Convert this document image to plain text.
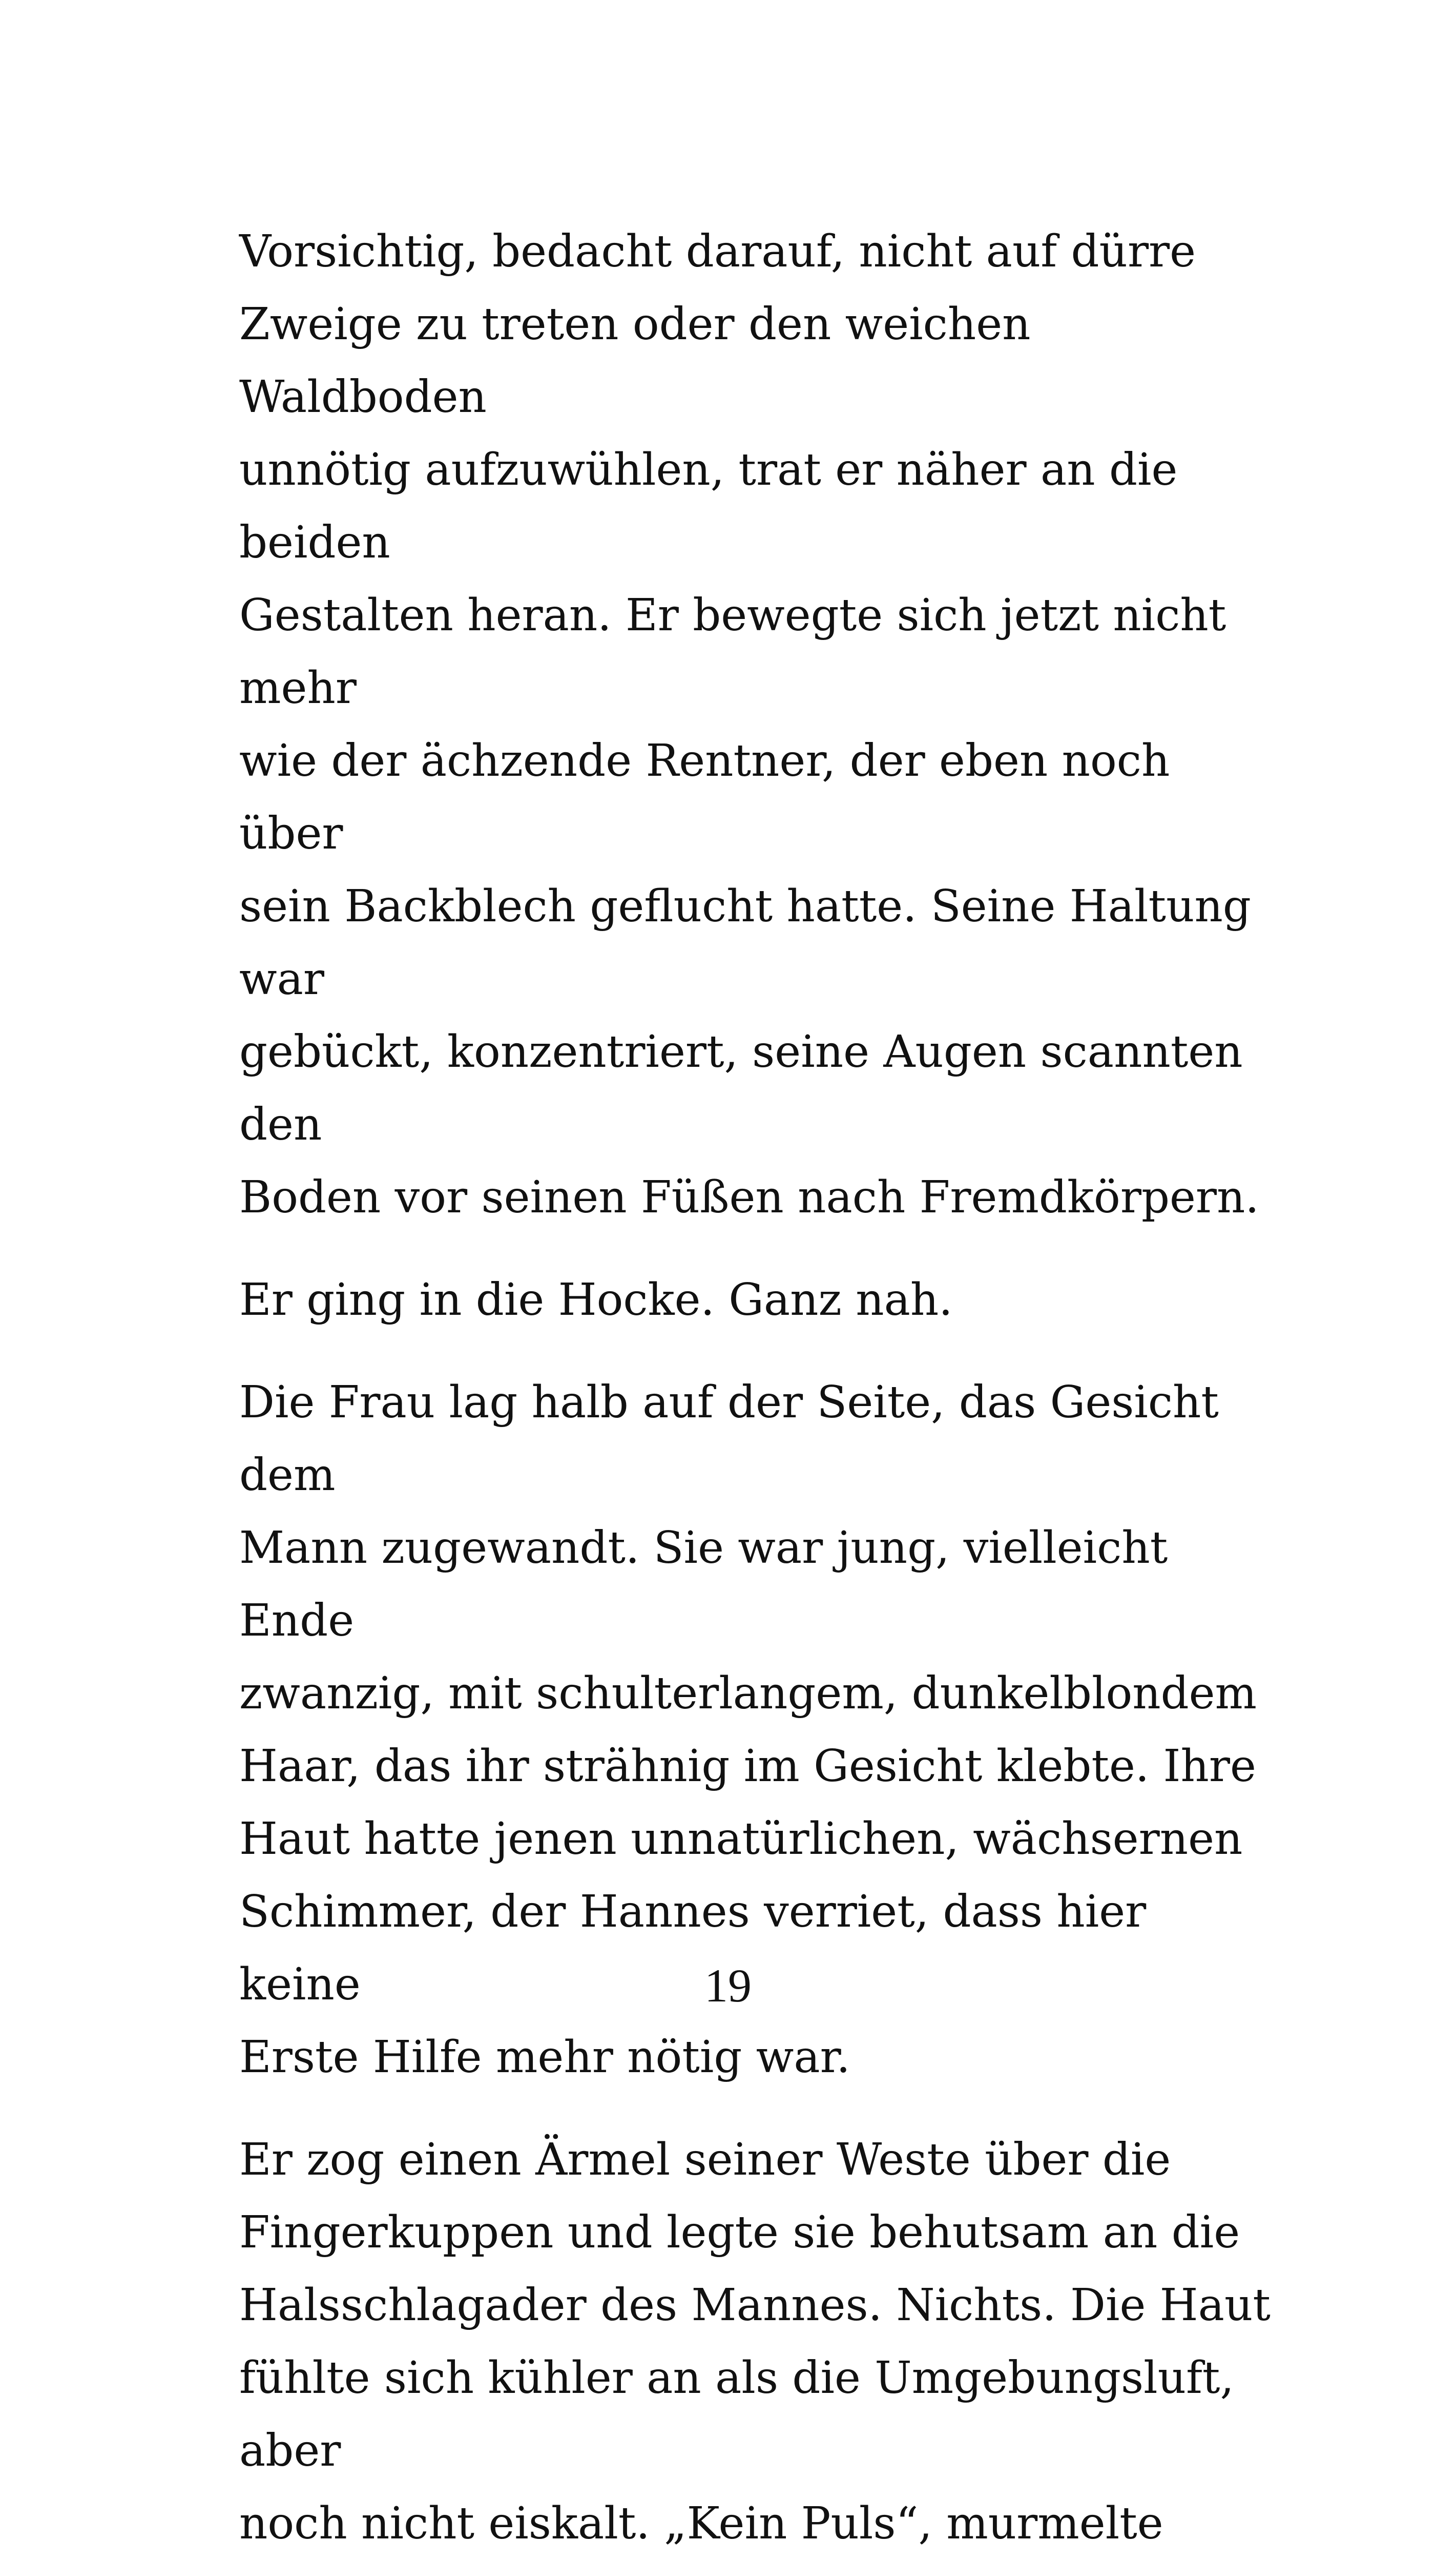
Vorsichtig, bedacht darauf, nicht auf dürre
Zweige zu treten oder den weichen Waldboden
unnötig aufzuwühlen, trat er näher an die beiden
Gestalten heran. Er bewegte sich jetzt nicht mehr
wie der ächzende Rentner, der eben noch über
sein Backblech geflucht hatte. Seine Haltung war
gebückt, konzentriert, seine Augen scannten den
Boden vor seinen Füßen nach Fremdkörpern.

Er ging in die Hocke. Ganz nah.

Die Frau lag halb auf der Seite, das Gesicht dem
Mann zugewandt. Sie war jung, vielleicht Ende
zwanzig, mit schulterlangem, dunkelblondem
Haar, das ihr strähnig im Gesicht klebte. Ihre
Haut hatte jenen unnatürlichen, wächsernen
Schimmer, der Hannes verriet, dass hier keine
Erste Hilfe mehr nötig war.

Er zog einen Ärmel seiner Weste über die
Fingerkuppen und legte sie behutsam an die
Halsschlagader des Mannes. Nichts. Die Haut
fühlte sich kühler an als die Umgebungsluft, aber
noch nicht eiskalt. „Kein Puls“, murmelte

19
